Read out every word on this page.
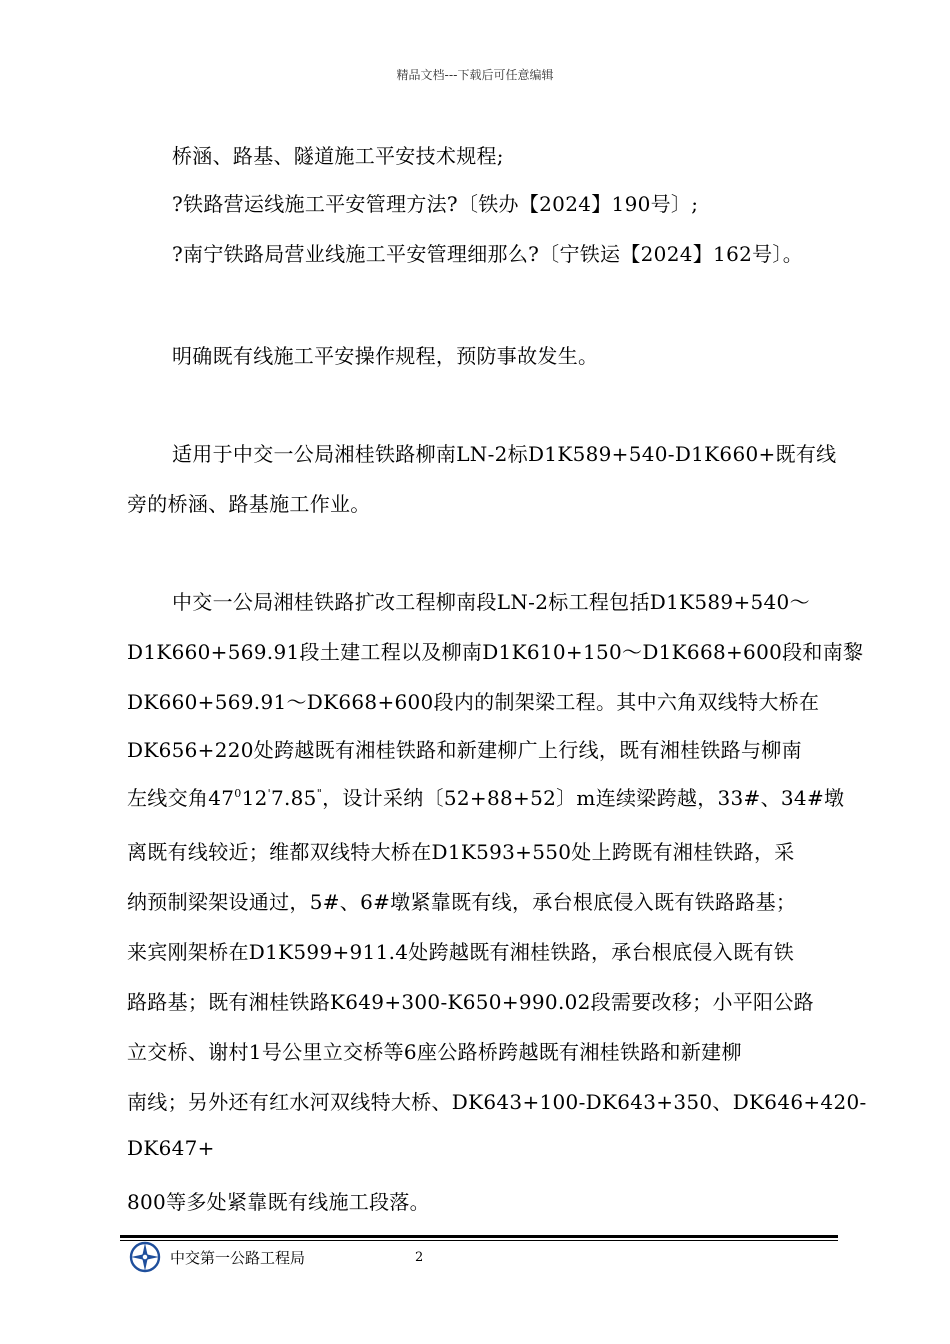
精品文档---下载后可任意编辑
桥涵、路基、隧道施工平安技术规程;
?铁路营运线施工平安管理方法?〔铁办【2024】190号〕;
?南宁铁路局营业线施工平安管理细那么?〔宁铁运【2024】162号〕。
明确既有线施工平安操作规程，预防事故发生。
适用于中交一公局湘桂铁路柳南LN-2标D1K589+540-D1K660+既有线
旁的桥涵、路基施工作业。
中交一公局湘桂铁路扩改工程柳南段LN-2标工程包括D1K589+540～
D1K660+569.91段土建工程以及柳南D1K610+150～D1K668+600段和南黎
DK660+569.91～DK668+600段内的制架梁工程。其中六角双线特大桥在
DK656+220处跨越既有湘桂铁路和新建柳广上行线，既有湘桂铁路与柳南
左线交角$47^012'7.85^"$，设计采纳〔52+88+52〕m连续梁跨越，33#、34#墩
离既有线较近；维都双线特大桥在D1K593+550处上跨既有湘桂铁路，采
纳预制梁架设通过，5#、6#墩紧靠既有线，承台根底侵入既有铁路路基；
来宾刚架桥在D1K599+911.4处跨越既有湘桂铁路，承台根底侵入既有铁
路路基；既有湘桂铁路K649+300-K650+990.02段需要改移；小平阳公路
立交桥、谢村1号公里立交桥等6座公路桥跨越既有湘桂铁路和新建柳
南线；另外还有红水河双线特大桥、DK643+100-DK643+350、DK646+420-
DK647+
800等多处紧靠既有线施工段落。
中交第一公路工程局	2
